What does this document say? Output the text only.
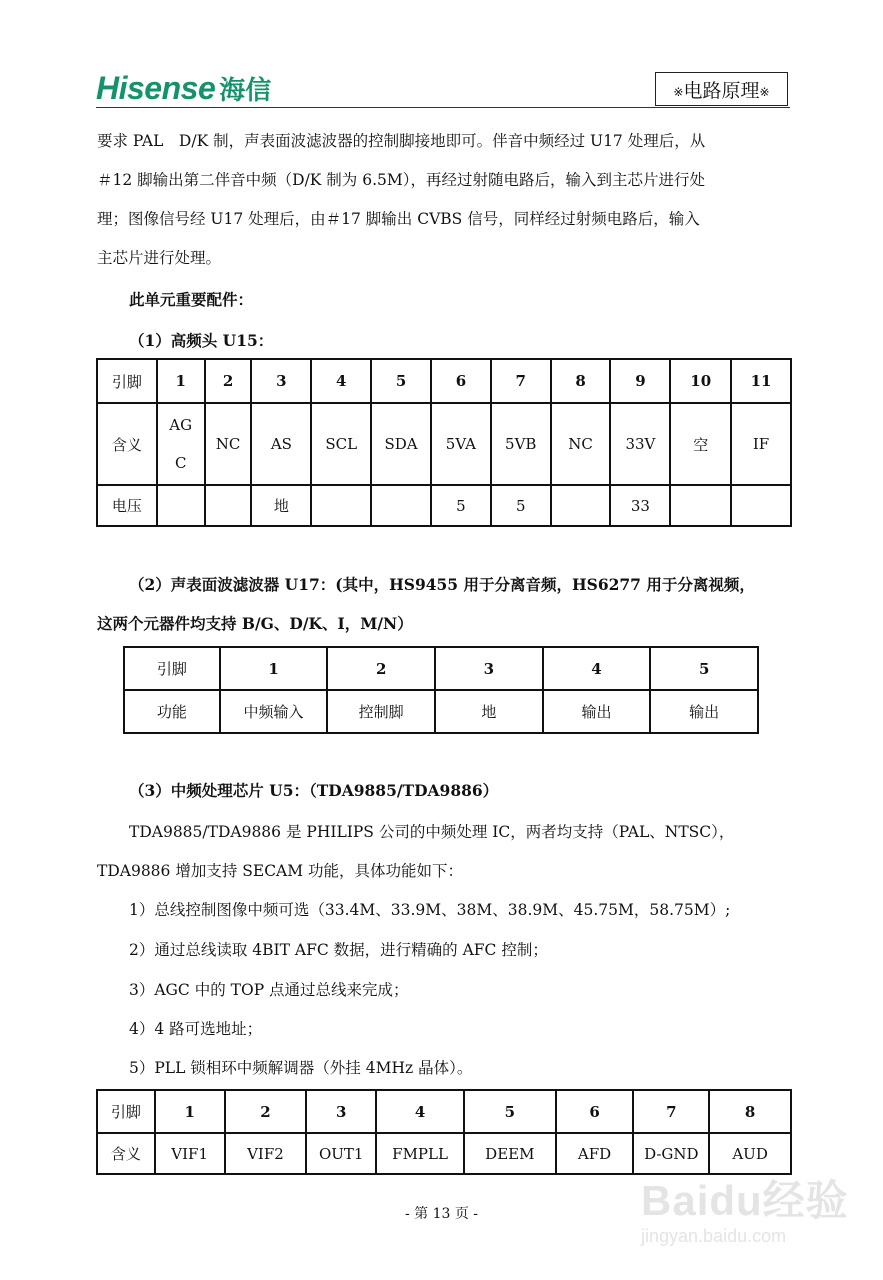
Hisense 海信	※ 电路原理 ※
要求 PAL　D/K 制，声表面波滤波器的控制脚接地即可。伴音中频经过 U17 处理后，从
＃12 脚输出第二伴音中频（D/K 制为 6.5M），再经过射随电路后，输入到主芯片进行处
理；图像信号经 U17 处理后，由＃17 脚输出 CVBS 信号，同样经过射频电路后，输入
主芯片进行处理。
此单元重要配件：
（1）高频头 U15：
引脚	1	2	3	4	5	6	7	8	9	10	11
含义	AG
C	NC	AS	SCL	SDA	5VA	5VB	NC	33V	空	IF
电压			地			5	5		33		
（2）声表面波滤波器 U17：(其中，HS9455 用于分离音频，HS6277 用于分离视频，
这两个元器件均支持 B/G、D/K、I，M/N）
引脚	1	2	3	4	5
功能	中频输入	控制脚	地	输出	输出
（3）中频处理芯片 U5：（TDA9885/TDA9886）
TDA9885/TDA9886 是 PHILIPS 公司的中频处理 IC，两者均支持（PAL、NTSC），
TDA9886 增加支持 SECAM 功能，具体功能如下：
1）总线控制图像中频可选（33.4M、33.9M、38M、38.9M、45.75M，58.75M）;
2）通过总线读取 4BIT AFC 数据，进行精确的 AFC 控制；
3）AGC 中的 TOP 点通过总线来完成；
4）4 路可选地址；
5）PLL 锁相环中频解调器（外挂 4MHz 晶体）。
引脚	1	2	3	4	5	6	7	8
含义	VIF1	VIF2	OUT1	FMPLL	DEEM	AFD	D-GND	AUD
- 第 13 页 -	Baidu经验
jingyan.baidu.com
